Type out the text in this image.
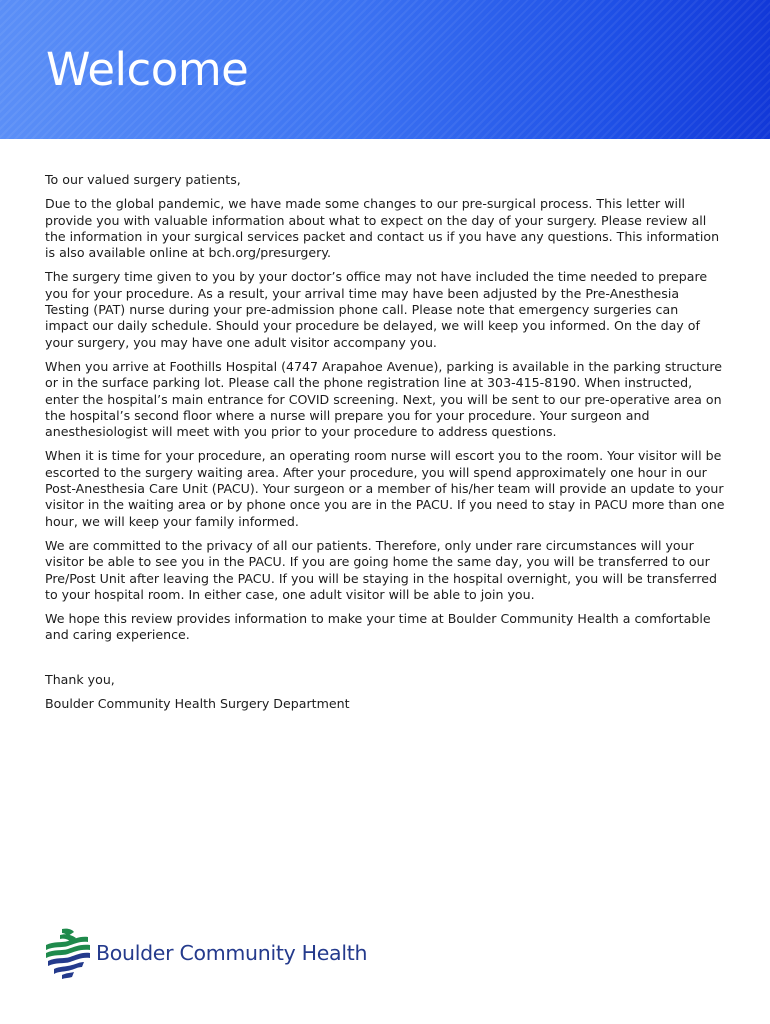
Welcome

To our valued surgery patients,

Due to the global pandemic, we have made some changes to our pre-surgical process. This letter will provide you with valuable information about what to expect on the day of your surgery. Please review all the information in your surgical services packet and contact us if you have any questions. This information is also available online at bch.org/presurgery.

The surgery time given to you by your doctor’s office may not have included the time needed to prepare you for your procedure. As a result, your arrival time may have been adjusted by the Pre-Anesthesia Testing (PAT) nurse during your pre-admission phone call. Please note that emergency surgeries can impact our daily schedule. Should your procedure be delayed, we will keep you informed. On the day of your surgery, you may have one adult visitor accompany you.

When you arrive at Foothills Hospital (4747 Arapahoe Avenue), parking is available in the parking structure or in the surface parking lot. Please call the phone registration line at 303-415-8190. When instructed, enter the hospital’s main entrance for COVID screening. Next, you will be sent to our pre-operative area on the hospital’s second floor where a nurse will prepare you for your procedure. Your surgeon and anesthesiologist will meet with you prior to your procedure to address questions.

When it is time for your procedure, an operating room nurse will escort you to the room. Your visitor will be escorted to the surgery waiting area. After your procedure, you will spend approximately one hour in our Post-Anesthesia Care Unit (PACU). Your surgeon or a member of his/her team will provide an update to your visitor in the waiting area or by phone once you are in the PACU. If you need to stay in PACU more than one hour, we will keep your family informed.

We are committed to the privacy of all our patients. Therefore, only under rare circumstances will your visitor be able to see you in the PACU. If you are going home the same day, you will be transferred to our Pre/Post Unit after leaving the PACU. If you will be staying in the hospital overnight, you will be transferred to your hospital room. In either case, one adult visitor will be able to join you.

We hope this review provides information to make your time at Boulder Community Health a comfortable and caring experience.

Thank you,

Boulder Community Health Surgery Department

Boulder Community Health
